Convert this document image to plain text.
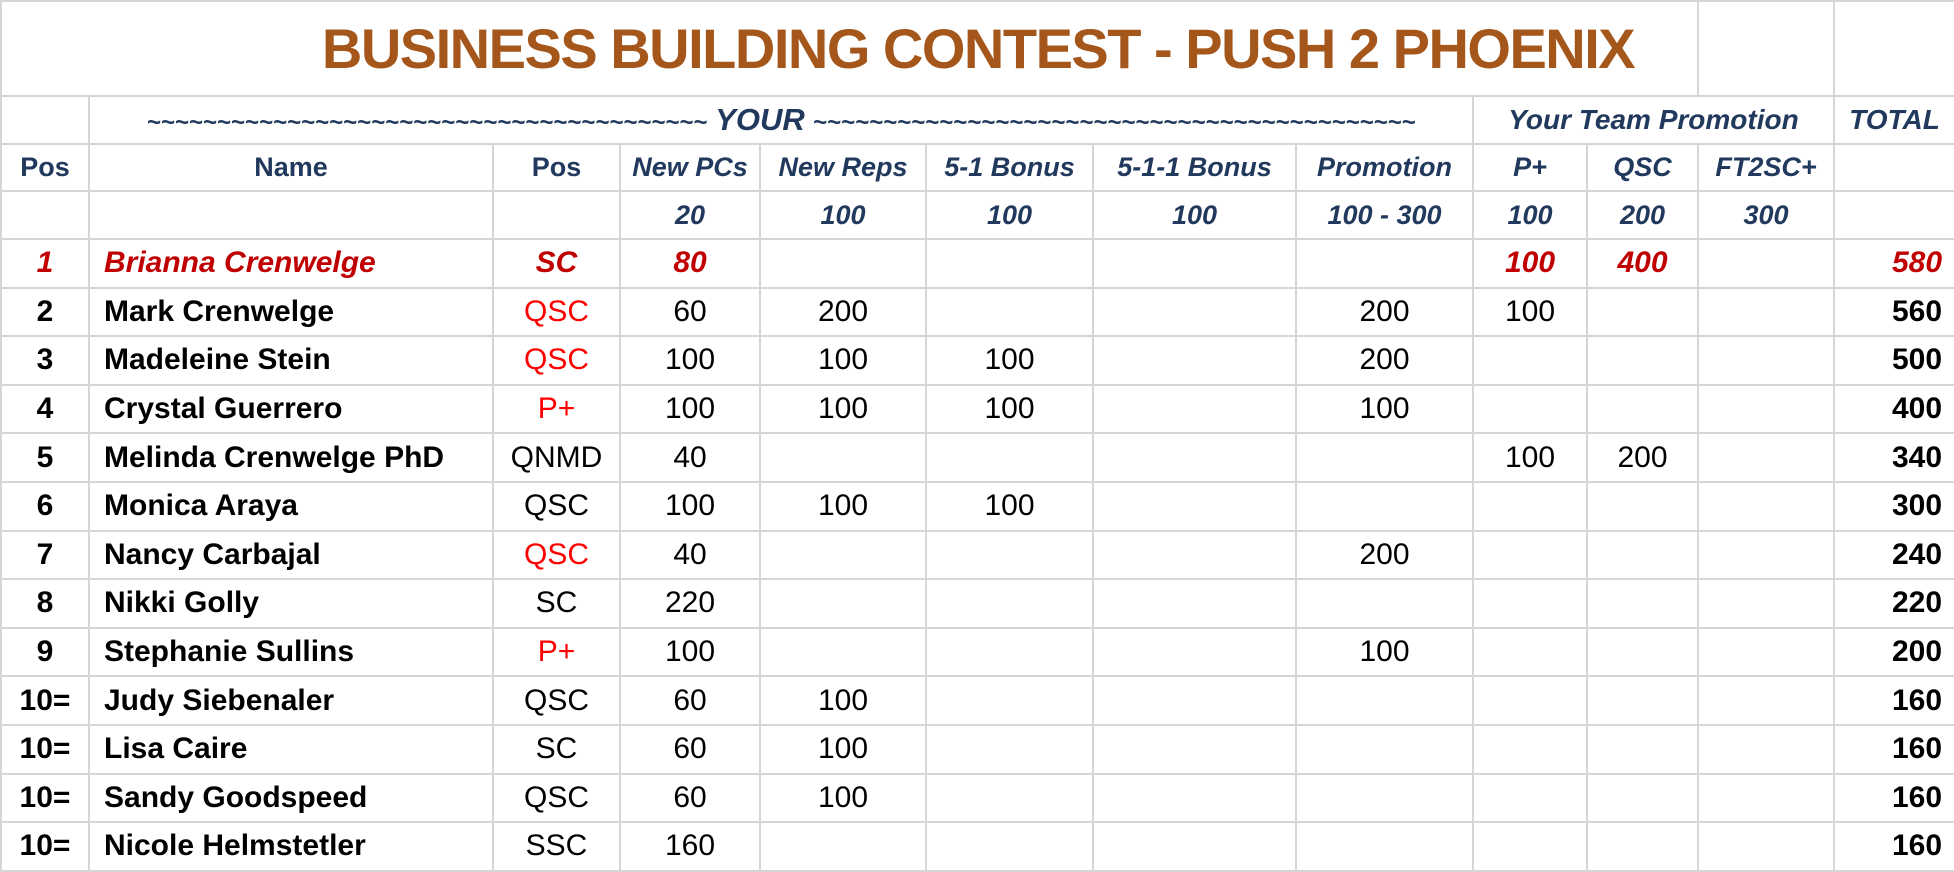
BUSINESS BUILDING CONTEST - PUSH 2 PHOENIX											

	~~~~~~~~~~~~~~~~~~~~~~~~~~~~~~~~~~~~~~~~ YOUR ~~~~~~~~~~~~~~~~~~~~~~~~~~~~~~~~~~~~~~~~~~~							Your Team Promotion			TOTAL
Pos	Name	Pos	New PCs	New Reps	5-1 Bonus	5-1-1 Bonus	Promotion	P+	QSC	FT2SC+	
			20	100	100	100	100 - 300	100	200	300	
1	Brianna Crenwelge	SC	80					100	400		580
2	Mark Crenwelge	QSC	60	200			200	100			560
3	Madeleine Stein	QSC	100	100	100		200				500
4	Crystal Guerrero	P+	100	100	100		100				400
5	Melinda Crenwelge PhD	QNMD	40					100	200		340
6	Monica Araya	QSC	100	100	100						300
7	Nancy Carbajal	QSC	40				200				240
8	Nikki Golly	SC	220								220
9	Stephanie Sullins	P+	100				100				200
10=	Judy Siebenaler	QSC	60	100							160
10=	Lisa Caire	SC	60	100							160
10=	Sandy Goodspeed	QSC	60	100							160
10=	Nicole Helmstetler	SSC	160								160
